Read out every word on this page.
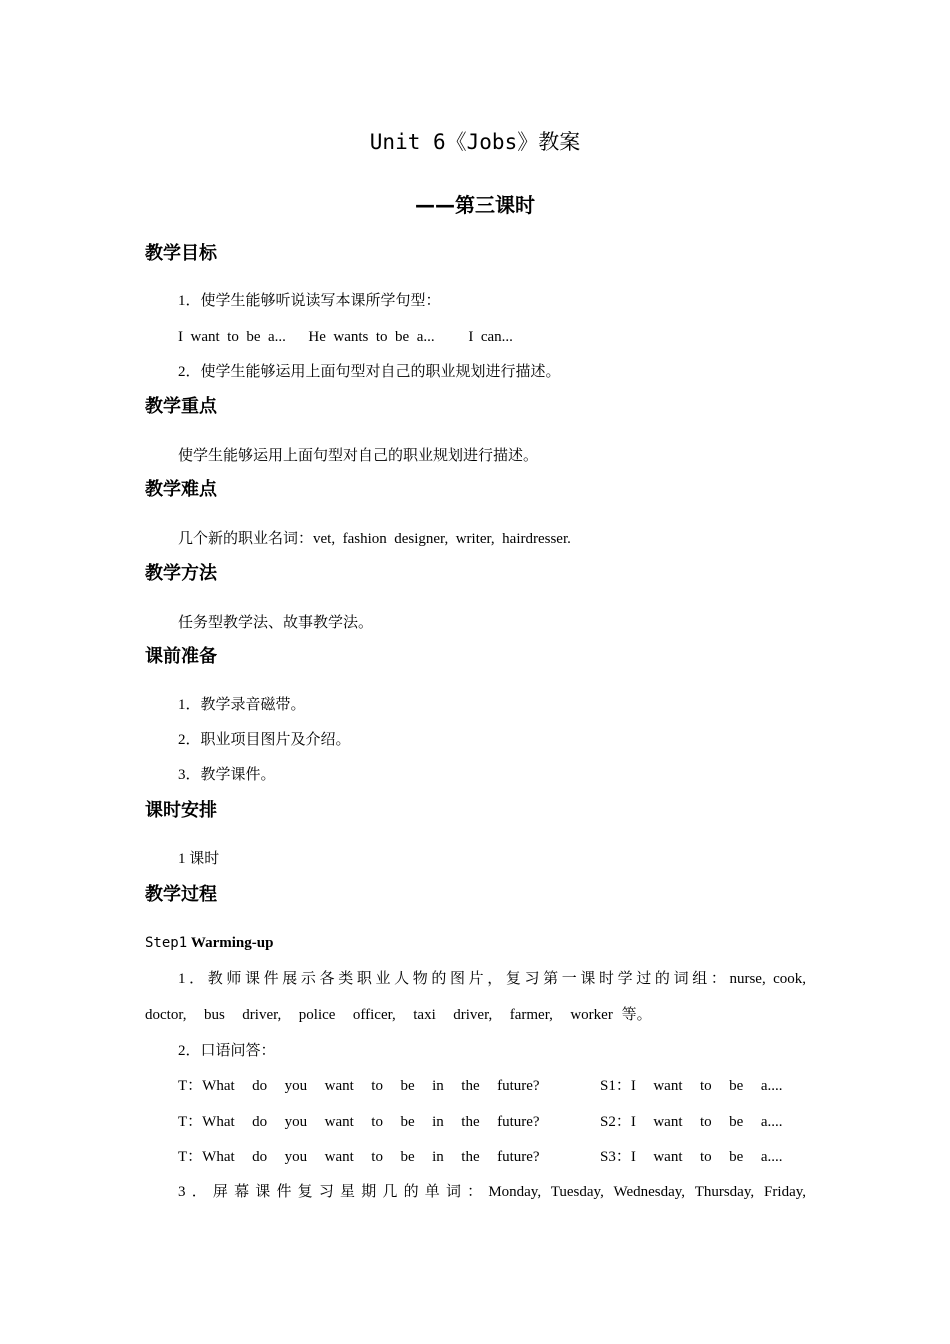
Unit 6《Jobs》教案
——第三课时
教学目标
1．使学生能够听说读写本课所学句型：
I  want  to  be  a...      He  wants  to  be  a...         I  can...
2．使学生能够运用上面句型对自己的职业规划进行描述。
教学重点
使学生能够运用上面句型对自己的职业规划进行描述。
教学难点
几个新的职业名词：vet,  fashion  designer,  writer,  hairdresser.
教学方法
任务型教学法、故事教学法。
课前准备
1．教学录音磁带。
2．职业项目图片及介绍。
3．教学课件。
课时安排
1 课时
教学过程
Step1 Warming-up
1．教师课件展示各类职业人物的图片，复习第一课时学过的词组：nurse, cook,
doctor,  bus  driver,  police  officer,  taxi  driver,  farmer,  worker 等。
2．口语问答：
T：What  do  you  want  to  be  in  the  future?	S1：I  want  to  be  a....
T：What  do  you  want  to  be  in  the  future?	S2：I  want  to  be  a....
T：What  do  you  want  to  be  in  the  future?	S3：I  want  to  be  a....
3．屏幕课件复习星期几的单词：Monday, Tuesday, Wednesday, Thursday, Friday,
